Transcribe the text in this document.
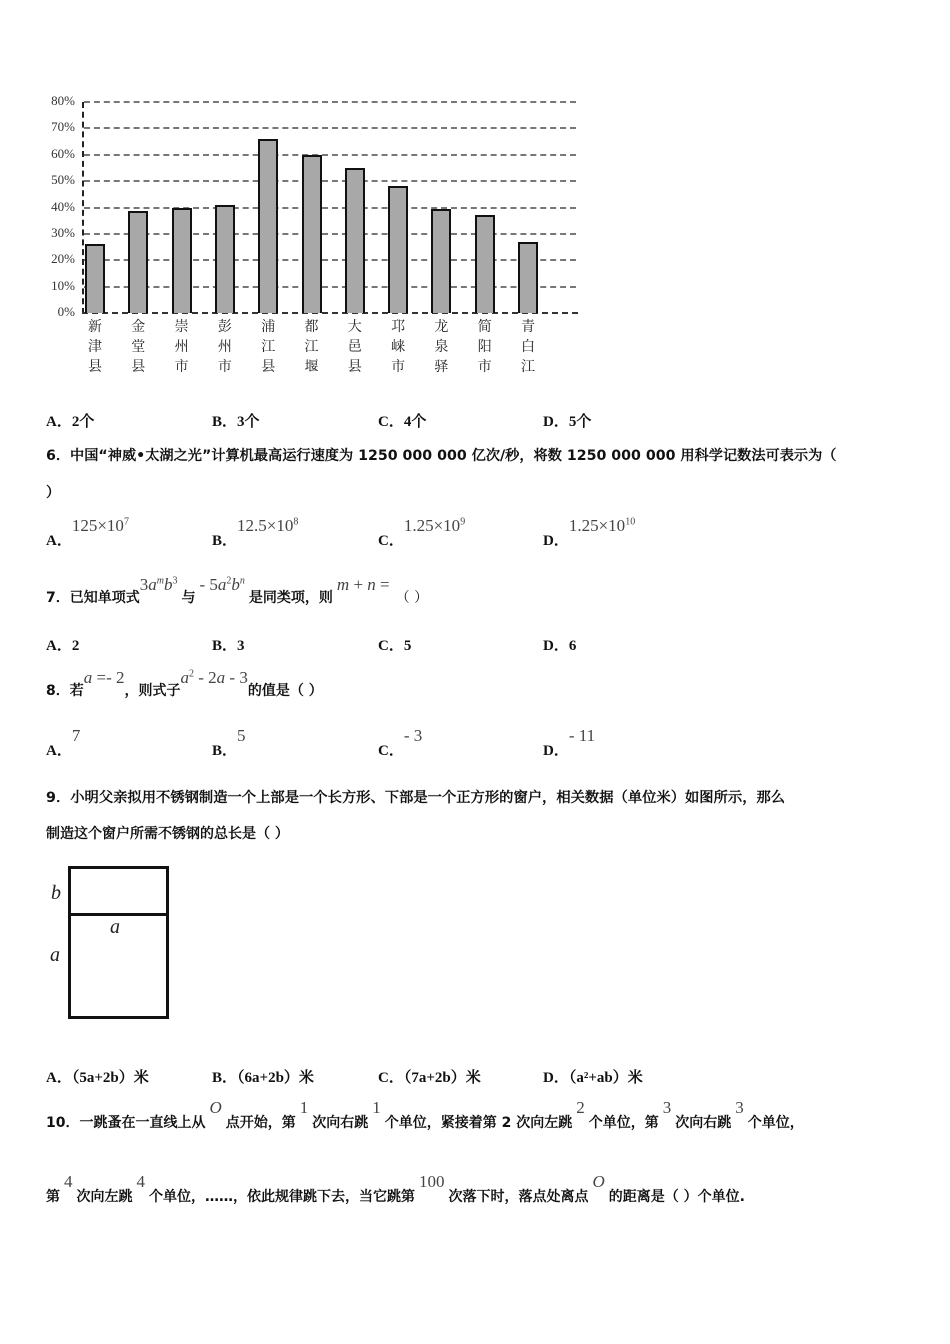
0%
10%
20%
30%
40%
50%
60%
70%
80%
新
津
县
金
堂
县
崇
州
市
彭
州
市
浦
江
县
都
江
堰
大
邑
县
邛
崃
市
龙
泉
驿
简
阳
市
青
白
江
A．2个	B．3个	C．4个	D．5个
6．中国“神威•太湖之光”计算机最高运行速度为 1250 000 000 亿次/秒，将数 1250 000 000 用科学记数法可表示为（
）
A．$125\times 10^7$
B．$12.5\times 10^8$
C．$1.25\times 10^9$
D．$1.25\times 10^{10}$
7．已知单项式$3a^mb^3$与- $5a^2b^n$是同类项，则m + n =（ ）
A．2	B．3	C．5	D．6
8．若a =- 2，则式子$a^2 - 2a - 3$的值是（ ）
A．7
B．5
C．- 3
D．- 11
9．小明父亲拟用不锈钢制造一个上部是一个长方形、下部是一个正方形的窗户，相关数据（单位米）如图所示，那么
制造这个窗户所需不锈钢的总长是（ ）
b
a
a
A．（5a+2b）米	B．（6a+2b）米	C．（7a+2b）米	D．（a²+ab）米
10．一跳蚤在一直线上从O点开始，第1次向右跳1个单位，紧接着第 2 次向左跳2个单位，第3次向右跳3个单位，
第4次向左跳4个单位，……，依此规律跳下去，当它跳第100次落下时，落点处离点O的距离是（ ）个单位.
